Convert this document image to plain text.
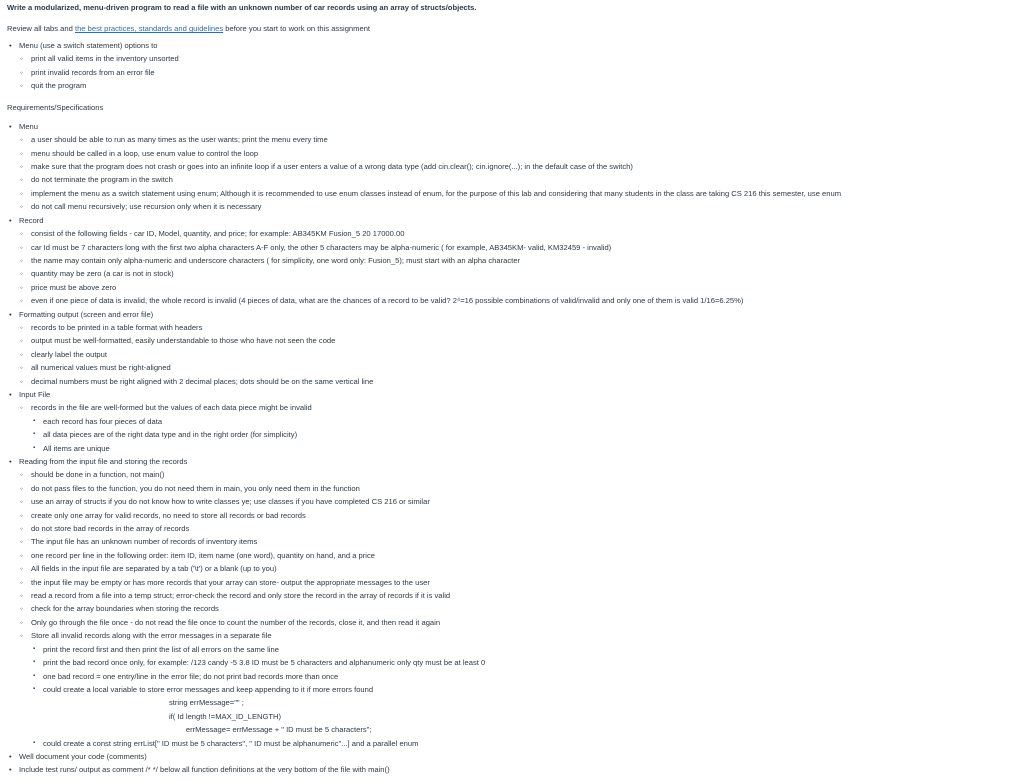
Write a modularized, menu-driven program to read a file with an unknown number of car records using an array of structs/objects.
Review all tabs and the best practices, standards and guidelines before you start to work on this assignment
• Menu (use a switch statement) options to
◦ print all valid items in the inventory unsorted
◦ print invalid records from an error file
◦ quit the program
Requirements/Specifications
• Menu
◦ a user should be able to run as many times as the user wants; print the menu every time
◦ menu should be called in a loop, use enum value to control the loop
◦ make sure that the program does not crash or goes into an infinite loop if a user enters a value of a wrong data type (add cin.clear(); cin.ignore(...); in the default case of the switch)
◦ do not terminate the program in the switch
◦ implement the menu as a switch statement using enum; Although it is recommended to use enum classes instead of enum, for the purpose of this lab and considering that many students in the class are taking CS 216 this semester, use enum
◦ do not call menu recursively; use recursion only when it is necessary
• Record
◦ consist of the following fields - car ID, Model, quantity, and price; for example: AB345KM Fusion_5 20 17000.00
◦ car Id must be 7 characters long with the first two alpha characters A-F only, the other 5 characters may be alpha-numeric ( for example, AB345KM- valid, KM32459 - invalid)
◦ the name may contain only alpha-numeric and underscore characters ( for simplicity, one word only: Fusion_5); must start with an alpha character
◦ quantity may be zero (a car is not in stock)
◦ price must be above zero
◦ even if one piece of data is invalid, the whole record is invalid (4 pieces of data, what are the chances of a record to be valid? 2⁴=16 possible combinations of valid/invalid and only one of them is valid 1/16=6.25%)
• Formatting output (screen and error file)
◦ records to be printed in a table format with headers
◦ output must be well-formatted, easily understandable to those who have not seen the code
◦ clearly label the output
◦ all numerical values must be right-aligned
◦ decimal numbers must be right aligned with 2 decimal places; dots should be on the same vertical line
• Input File
◦ records in the file are well-formed but the values of each data piece might be invalid
▪ each record has four pieces of data
▪ all data pieces are of the right data type and in the right order (for simplicity)
▪ All items are unique
• Reading from the input file and storing the records
◦ should be done in a function, not main()
◦ do not pass files to the function, you do not need them in main, you only need them in the function
◦ use an array of structs if you do not know how to write classes ye; use classes if you have completed CS 216 or similar
◦ create only one array for valid records, no need to store all records or bad records
◦ do not store bad records in the array of records
◦ The input file has an unknown number of records of inventory items
◦ one record per line in the following order: item ID, item name (one word), quantity on hand, and a price
◦ All fields in the input file are separated by a tab ('\t') or a blank (up to you)
◦ the input file may be empty or has more records that your array can store- output the appropriate messages to the user
◦ read a record from a file into a temp struct; error-check the record and only store the record in the array of records if it is valid
◦ check for the array boundaries when storing the records
◦ Only go through the file once - do not read the file once to count the number of the records, close it, and then read it again
◦ Store all invalid records along with the error messages in a separate file
▪ print the record first and then print the list of all errors on the same line
▪ print the bad record once only, for example: /123 candy -5 3.8 ID must be 5 characters and alphanumeric only qty must be at least 0
▪ one bad record = one entry/line in the error file; do not print bad records more than once
▪ could create a local variable to store error messages and keep appending to it if more errors found
string errMessage="" ;
if( Id length !=MAX_ID_LENGTH)
errMessage= errMessage + " ID must be 5 characters";
▪ could create a const string errList[" ID must be 5 characters", " ID must be alphanumeric"...] and a parallel enum
• Well document your code (comments)
• Include test runs/ output as comment /* */ below all function definitions at the very bottom of the file with main()
